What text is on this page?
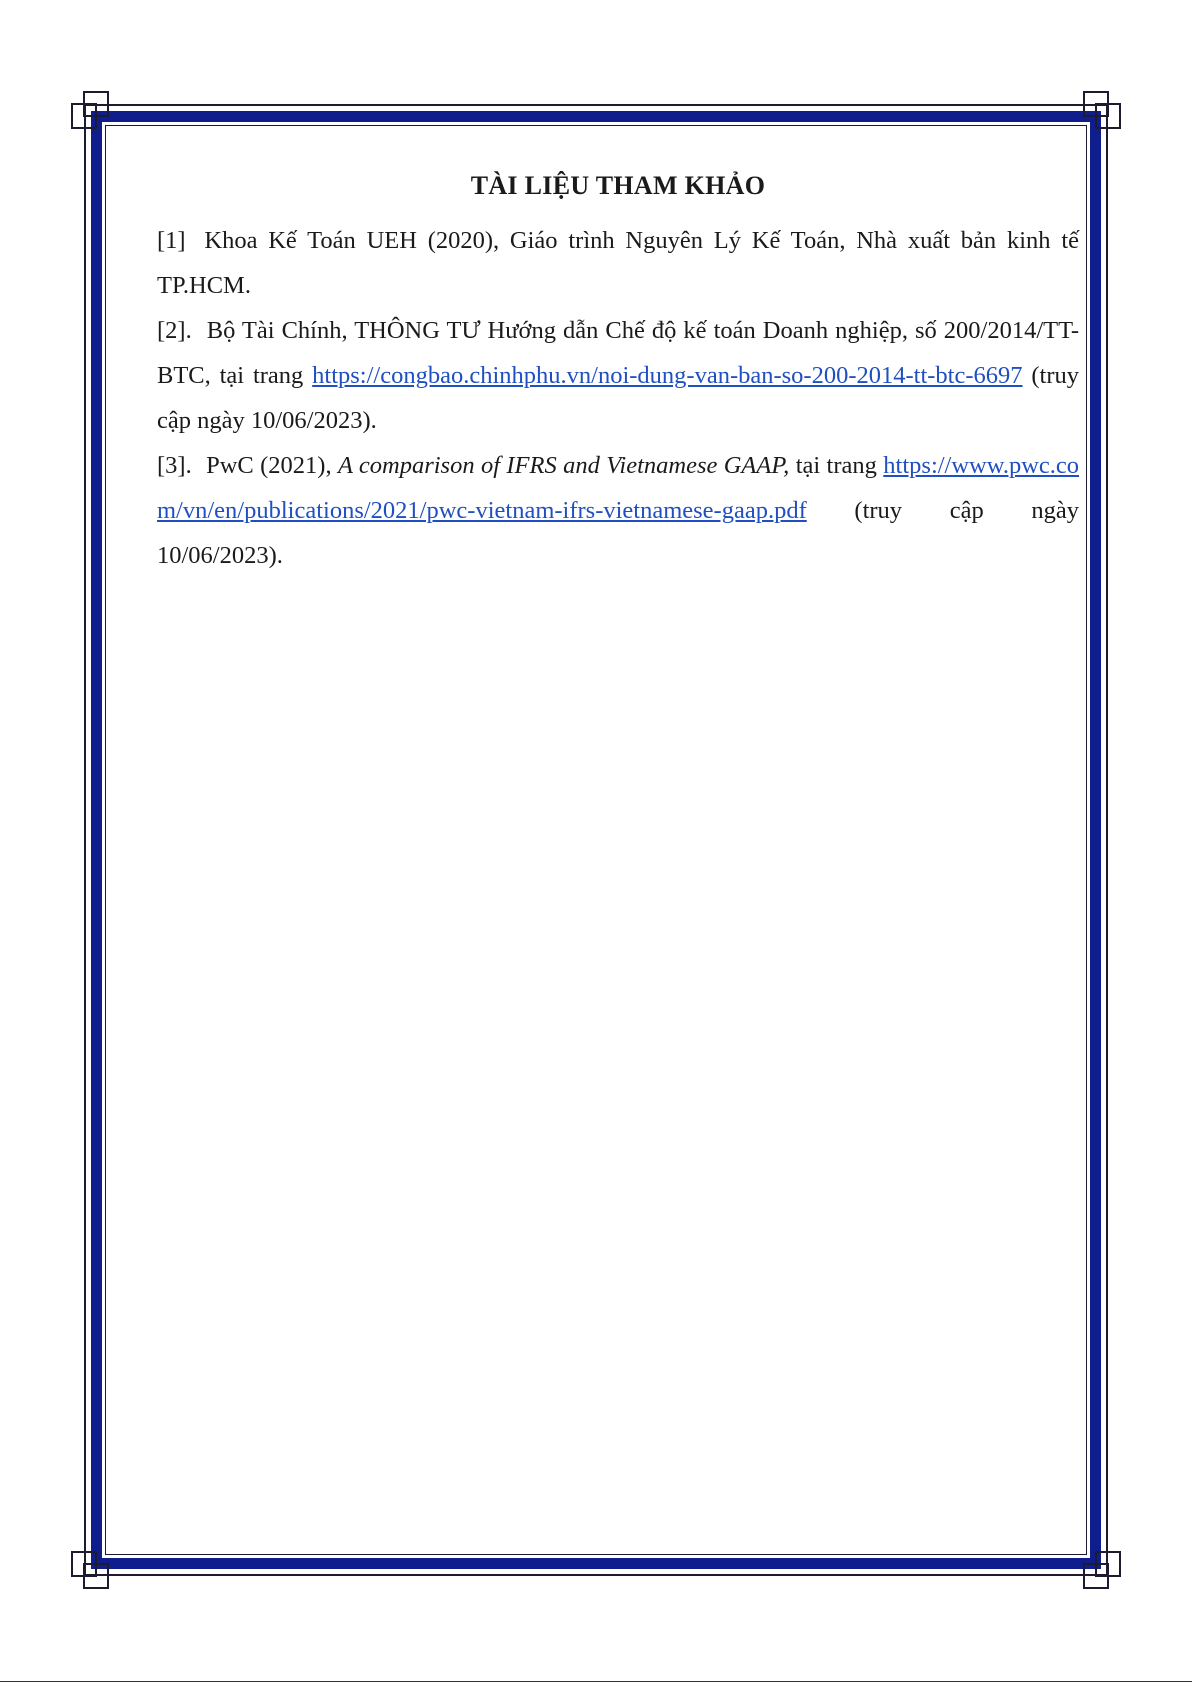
TÀI LIỆU THAM KHẢO

[1] Khoa Kế Toán UEH (2020), Giáo trình Nguyên Lý Kế Toán, Nhà xuất bản kinh tế TP.HCM.

[2]. Bộ Tài Chính, THÔNG TƯ Hướng dẫn Chế độ kế toán Doanh nghiệp, số 200/2014/TT-BTC, tại trang https://congbao.chinhphu.vn/noi-dung-van-ban-so-200-2014-tt-btc-6697 (truy cập ngày 10/06/2023).

[3]. PwC (2021), A comparison of IFRS and Vietnamese GAAP, tại trang https://www.pwc.com/vn/en/publications/2021/pwc-vietnam-ifrs-vietnamese-gaap.pdf (truy cập ngày 10/06/2023).
